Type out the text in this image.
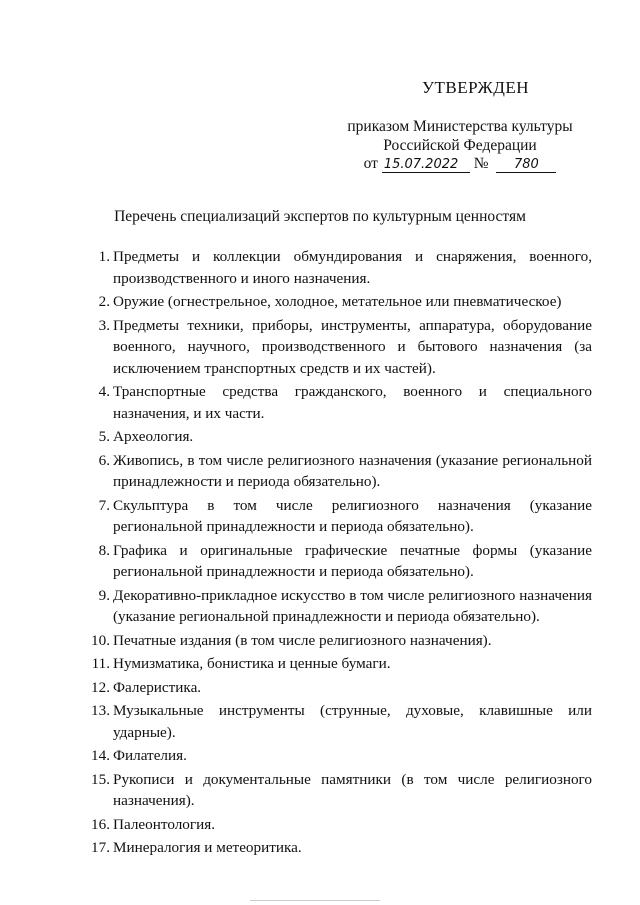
УТВЕРЖДЕН
приказом Министерства культуры
Российской Федерации
от 15.07.2022 № 780
Перечень специализаций экспертов по культурным ценностям
1. Предметы и коллекции обмундирования и снаряжения, военного, производственного и иного назначения.
2. Оружие (огнестрельное, холодное, метательное или пневматическое)
3. Предметы техники, приборы, инструменты, аппаратура, оборудование военного, научного, производственного и бытового назначения (за исключением транспортных средств и их частей).
4. Транспортные средства гражданского, военного и специального назначения, и их части.
5. Археология.
6. Живопись, в том числе религиозного назначения (указание региональной принадлежности и периода обязательно).
7. Скульптура в том числе религиозного назначения (указание региональной принадлежности и периода обязательно).
8. Графика и оригинальные графические печатные формы (указание региональной принадлежности и периода обязательно).
9. Декоративно-прикладное искусство в том числе религиозного назначения (указание региональной принадлежности и периода обязательно).
10. Печатные издания (в том числе религиозного назначения).
11. Нумизматика, бонистика и ценные бумаги.
12. Фалеристика.
13. Музыкальные инструменты (струнные, духовые, клавишные или ударные).
14. Филателия.
15. Рукописи и документальные памятники (в том числе религиозного назначения).
16. Палеонтология.
17. Минералогия и метеоритика.
